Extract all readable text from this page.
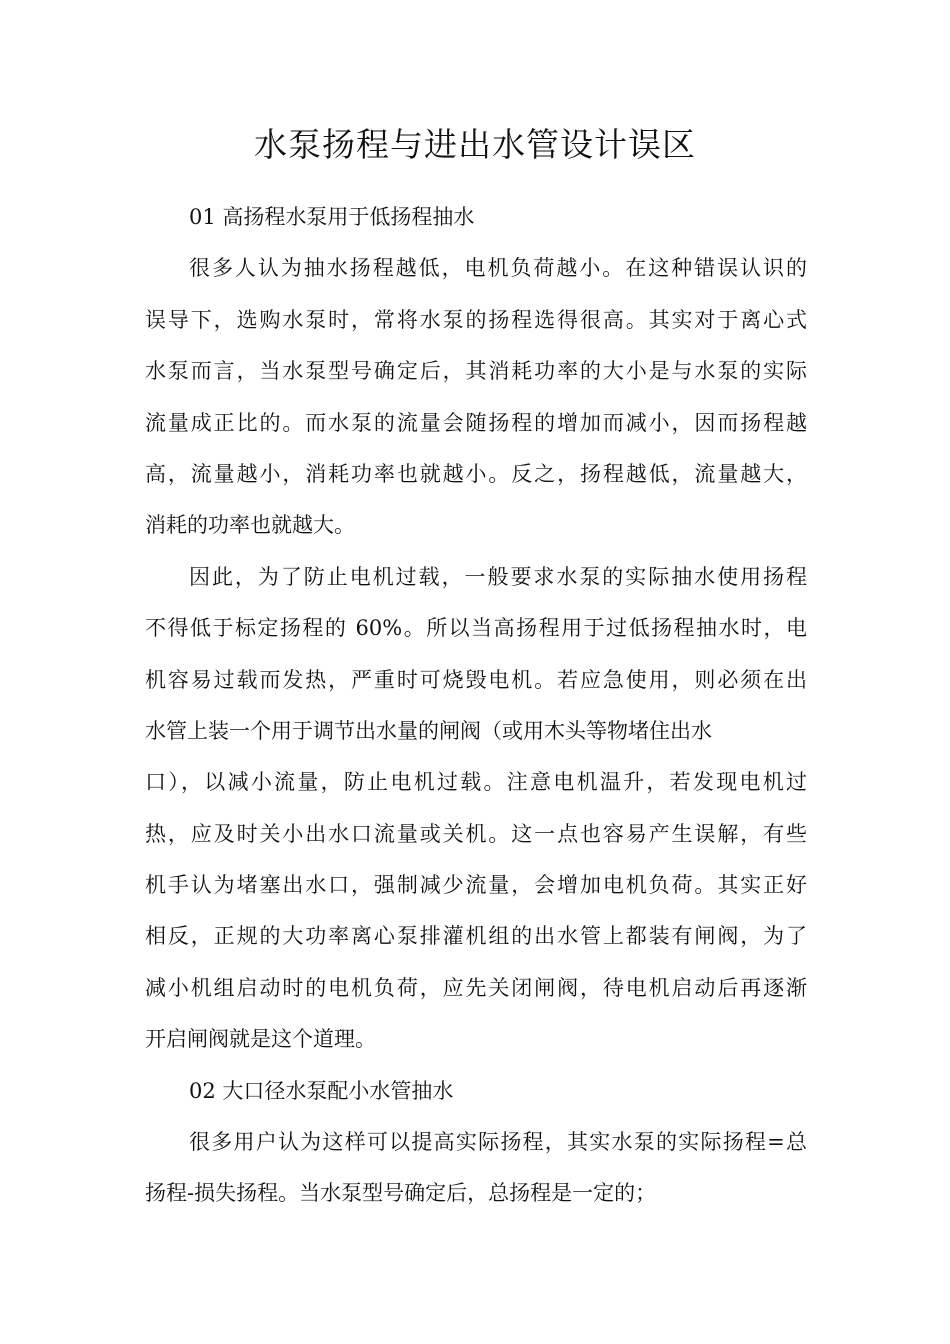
水泵扬程与进出水管设计误区
01 高扬程水泵用于低扬程抽水
很多人认为抽水扬程越低，电机负荷越小。在这种错误认识的
误导下，选购水泵时，常将水泵的扬程选得很高。其实对于离心式
水泵而言，当水泵型号确定后，其消耗功率的大小是与水泵的实际
流量成正比的。而水泵的流量会随扬程的增加而减小，因而扬程越
高，流量越小，消耗功率也就越小。反之，扬程越低，流量越大，
消耗的功率也就越大。
因此，为了防止电机过载，一般要求水泵的实际抽水使用扬程
不得低于标定扬程的 60%。所以当高扬程用于过低扬程抽水时，电
机容易过载而发热，严重时可烧毁电机。若应急使用，则必须在出
水管上装一个用于调节出水量的闸阀（或用木头等物堵住出水
口），以减小流量，防止电机过载。注意电机温升，若发现电机过
热，应及时关小出水口流量或关机。这一点也容易产生误解，有些
机手认为堵塞出水口，强制减少流量，会增加电机负荷。其实正好
相反，正规的大功率离心泵排灌机组的出水管上都装有闸阀，为了
减小机组启动时的电机负荷，应先关闭闸阀，待电机启动后再逐渐
开启闸阀就是这个道理。
02 大口径水泵配小水管抽水
很多用户认为这样可以提高实际扬程，其实水泵的实际扬程=总
扬程-损失扬程。当水泵型号确定后，总扬程是一定的；
